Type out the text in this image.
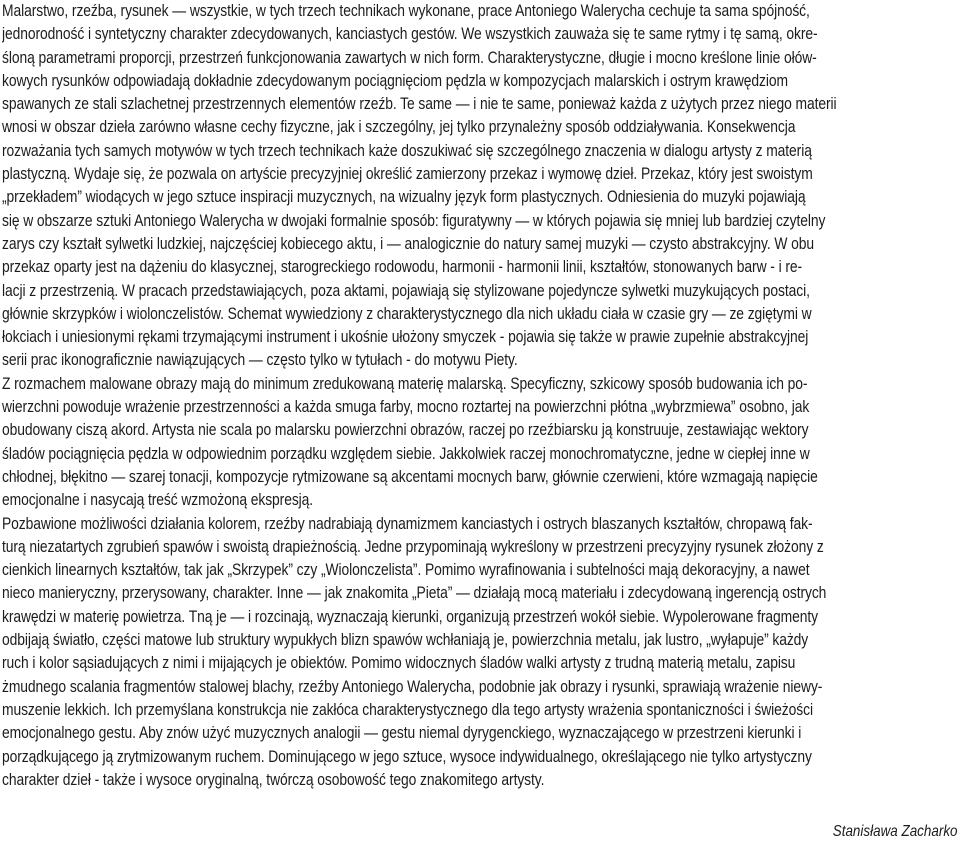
Malarstwo, rzeźba, rysunek — wszystkie, w tych trzech technikach wykonane, prace Antoniego Walerycha cechuje ta sama spójność,
jednorodność i syntetyczny charakter zdecydowanych, kanciastych gestów. We wszystkich zauważa się te same rytmy i tę samą, okre-
śloną parametrami proporcji, przestrzeń funkcjonowania zawartych w nich form. Charakterystyczne, długie i mocno kreślone linie ołów-
kowych rysunków odpowiadają dokładnie zdecydowanym pociągnięciom pędzla w kompozycjach malarskich i ostrym krawędziom
spawanych ze stali szlachetnej przestrzennych elementów rzeźb. Te same — i nie te same, ponieważ każda z użytych przez niego materii
wnosi w obszar dzieła zarówno własne cechy fizyczne, jak i szczególny, jej tylko przynależny sposób oddziaływania. Konsekwencja
rozważania tych samych motywów w tych trzech technikach każe doszukiwać się szczególnego znaczenia w dialogu artysty z materią
plastyczną. Wydaje się, że pozwala on artyście precyzyjniej określić zamierzony przekaz i wymowę dzieł. Przekaz, który jest swoistym
„przekładem” wiodących w jego sztuce inspiracji muzycznych, na wizualny język form plastycznych. Odniesienia do muzyki pojawiają
się w obszarze sztuki Antoniego Walerycha w dwojaki formalnie sposób: figuratywny — w których pojawia się mniej lub bardziej czytelny
zarys czy kształt sylwetki ludzkiej, najczęściej kobiecego aktu, i — analogicznie do natury samej muzyki — czysto abstrakcyjny. W obu
przekaz oparty jest na dążeniu do klasycznej, starogreckiego rodowodu, harmonii - harmonii linii, kształtów, stonowanych barw - i re-
lacji z przestrzenią. W pracach przedstawiających, poza aktami, pojawiają się stylizowane pojedyncze sylwetki muzykujących postaci,
głównie skrzypków i wiolonczelistów. Schemat wywiedziony z charakterystycznego dla nich układu ciała w czasie gry — ze zgiętymi w
łokciach i uniesionymi rękami trzymającymi instrument i ukośnie ułożony smyczek - pojawia się także w prawie zupełnie abstrakcyjnej
serii prac ikonograficznie nawiązujących — często tylko w tytułach - do motywu Piety.
Z rozmachem malowane obrazy mają do minimum zredukowaną materię malarską. Specyficzny, szkicowy sposób budowania ich po-
wierzchni powoduje wrażenie przestrzenności a każda smuga farby, mocno roztartej na powierzchni płótna „wybrzmiewa” osobno, jak
obudowany ciszą akord. Artysta nie scala po malarsku powierzchni obrazów, raczej po rzeźbiarsku ją konstruuje, zestawiając wektory
śladów pociągnięcia pędzla w odpowiednim porządku względem siebie. Jakkolwiek raczej monochromatyczne, jedne w ciepłej inne w
chłodnej, błękitno — szarej tonacji, kompozycje rytmizowane są akcentami mocnych barw, głównie czerwieni, które wzmagają napięcie
emocjonalne i nasycają treść wzmożoną ekspresją.
Pozbawione możliwości działania kolorem, rzeźby nadrabiają dynamizmem kanciastych i ostrych blaszanych kształtów, chropawą fak-
turą niezatartych zgrubień spawów i swoistą drapieżnością. Jedne przypominają wykreślony w przestrzeni precyzyjny rysunek złożony z
cienkich linearnych kształtów, tak jak „Skrzypek” czy „Wiolonczelista”. Pomimo wyrafinowania i subtelności mają dekoracyjny, a nawet
nieco manieryczny, przerysowany, charakter. Inne — jak znakomita „Pieta” — działają mocą materiału i zdecydowaną ingerencją ostrych
krawędzi w materię powietrza. Tną je — i rozcinają, wyznaczają kierunki, organizują przestrzeń wokół siebie. Wypolerowane fragmenty
odbijają światło, części matowe lub struktury wypukłych blizn spawów wchłaniają je, powierzchnia metalu, jak lustro, „wyłapuje” każdy
ruch i kolor sąsiadujących z nimi i mijających je obiektów. Pomimo widocznych śladów walki artysty z trudną materią metalu, zapisu
żmudnego scalania fragmentów stalowej blachy, rzeźby Antoniego Walerycha, podobnie jak obrazy i rysunki, sprawiają wrażenie niewy-
muszenie lekkich. Ich przemyślana konstrukcja nie zakłóca charakterystycznego dla tego artysty wrażenia spontaniczności i świeżości
emocjonalnego gestu. Aby znów użyć muzycznych analogii — gestu niemal dyrygenckiego, wyznaczającego w przestrzeni kierunki i
porządkującego ją zrytmizowanym ruchem. Dominującego w jego sztuce, wysoce indywidualnego, określającego nie tylko artystyczny
charakter dzieł - także i wysoce oryginalną, twórczą osobowość tego znakomitego artysty.
Stanisława Zacharko
